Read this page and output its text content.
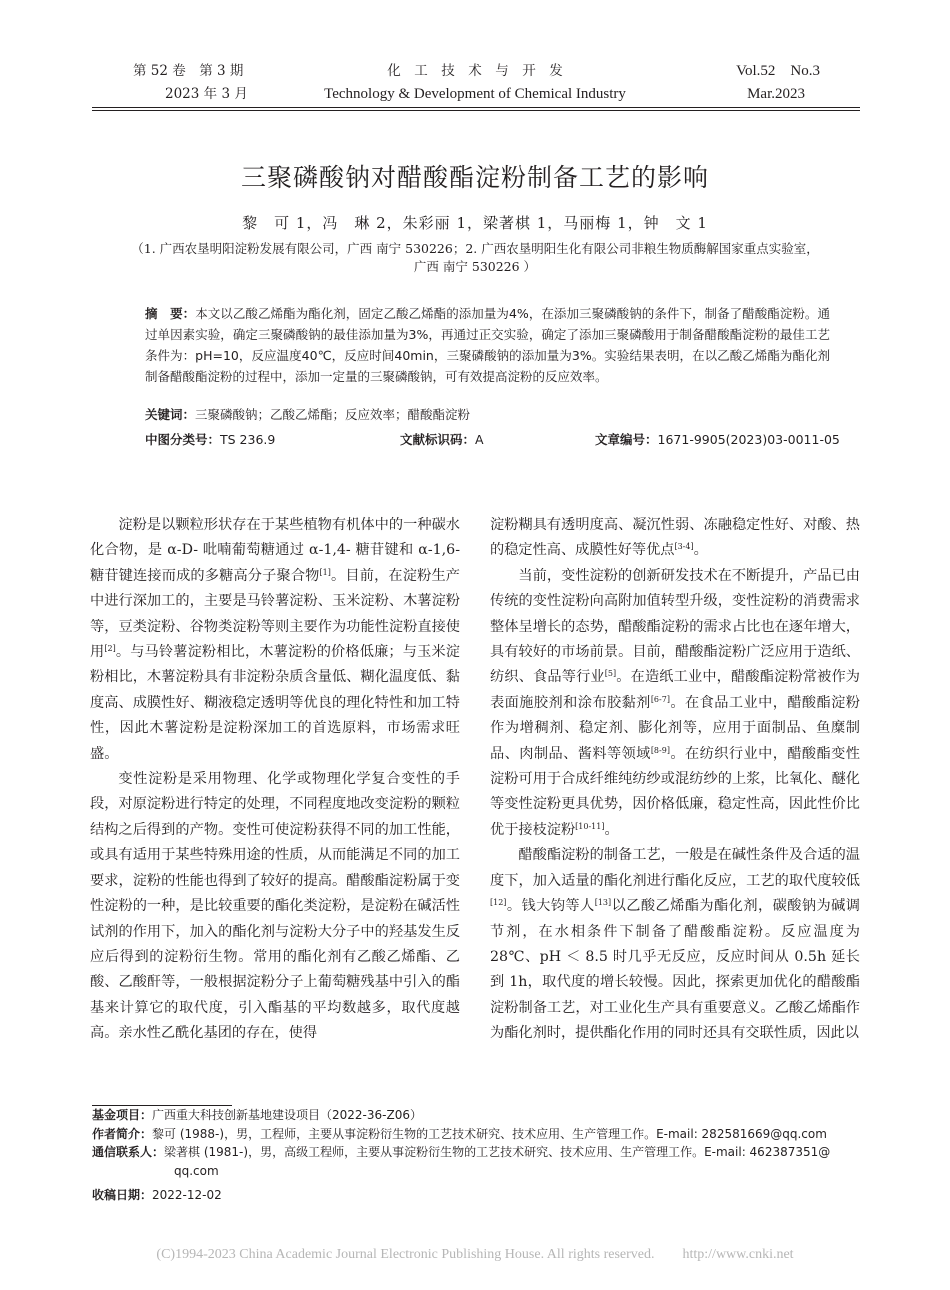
第 52 卷　第 3 期
2023 年 3 月
化　工　技　术　与　开　发
Technology & Development of Chemical Industry
Vol.52　No.3
Mar.2023
三聚磷酸钠对醋酸酯淀粉制备工艺的影响
黎　可 1，冯　琳 2，朱彩丽 1，梁著棋 1，马丽梅 1，钟　文 1
（1. 广西农垦明阳淀粉发展有限公司，广西 南宁 530226；2. 广西农垦明阳生化有限公司非粮生物质酶解国家重点实验室，
广西 南宁 530226 ）
摘　要：本文以乙酸乙烯酯为酯化剂，固定乙酸乙烯酯的添加量为4%，在添加三聚磷酸钠的条件下，制备了醋酸酯淀粉。通过单因素实验，确定三聚磷酸钠的最佳添加量为3%，再通过正交实验，确定了添加三聚磷酸用于制备醋酸酯淀粉的最佳工艺条件为：pH=10，反应温度40℃，反应时间40min，三聚磷酸钠的添加量为3%。实验结果表明，在以乙酸乙烯酯为酯化剂制备醋酸酯淀粉的过程中，添加一定量的三聚磷酸钠，可有效提高淀粉的反应效率。
关键词：三聚磷酸钠；乙酸乙烯酯；反应效率；醋酸酯淀粉
中图分类号：TS 236.9	文献标识码：A	文章编号：1671-9905(2023)03-0011-05

淀粉是以颗粒形状存在于某些植物有机体中的一种碳水化合物，是 α-D- 吡喃葡萄糖通过 α-1,4- 糖苷键和 α-1,6- 糖苷键连接而成的多糖高分子聚合物[1]。目前，在淀粉生产中进行深加工的，主要是马铃薯淀粉、玉米淀粉、木薯淀粉等，豆类淀粉、谷物类淀粉等则主要作为功能性淀粉直接使用[2]。与马铃薯淀粉相比，木薯淀粉的价格低廉；与玉米淀粉相比，木薯淀粉具有非淀粉杂质含量低、糊化温度低、黏度高、成膜性好、糊液稳定透明等优良的理化特性和加工特性，因此木薯淀粉是淀粉深加工的首选原料，市场需求旺盛。

变性淀粉是采用物理、化学或物理化学复合变性的手段，对原淀粉进行特定的处理，不同程度地改变淀粉的颗粒结构之后得到的产物。变性可使淀粉获得不同的加工性能，或具有适用于某些特殊用途的性质，从而能满足不同的加工要求，淀粉的性能也得到了较好的提高。醋酸酯淀粉属于变性淀粉的一种，是比较重要的酯化类淀粉，是淀粉在碱活性试剂的作用下，加入的酯化剂与淀粉大分子中的羟基发生反应后得到的淀粉衍生物。常用的酯化剂有乙酸乙烯酯、乙酸、乙酸酐等，一般根据淀粉分子上葡萄糖残基中引入的酯基来计算它的取代度，引入酯基的平均数越多，取代度越高。亲水性乙酰化基团的存在，使得

淀粉糊具有透明度高、凝沉性弱、冻融稳定性好、对酸、热的稳定性高、成膜性好等优点[3-4]。

当前，变性淀粉的创新研发技术在不断提升，产品已由传统的变性淀粉向高附加值转型升级，变性淀粉的消费需求整体呈增长的态势，醋酸酯淀粉的需求占比也在逐年增大，具有较好的市场前景。目前，醋酸酯淀粉广泛应用于造纸、纺织、食品等行业[5]。在造纸工业中，醋酸酯淀粉常被作为表面施胶剂和涂布胶黏剂[6-7]。在食品工业中，醋酸酯淀粉作为增稠剂、稳定剂、膨化剂等，应用于面制品、鱼糜制品、肉制品、酱料等领域[8-9]。在纺织行业中，醋酸酯变性淀粉可用于合成纤维纯纺纱或混纺纱的上浆，比氧化、醚化等变性淀粉更具优势，因价格低廉，稳定性高，因此性价比优于接枝淀粉[10-11]。

醋酸酯淀粉的制备工艺，一般是在碱性条件及合适的温度下，加入适量的酯化剂进行酯化反应，工艺的取代度较低[12]。钱大钧等人[13]以乙酸乙烯酯为酯化剂，碳酸钠为碱调节剂，在水相条件下制备了醋酸酯淀粉。反应温度为 28℃、pH ＜ 8.5 时几乎无反应，反应时间从 0.5h 延长到 1h，取代度的增长较慢。因此，探索更加优化的醋酸酯淀粉制备工艺，对工业化生产具有重要意义。乙酸乙烯酯作为酯化剂时，提供酯化作用的同时还具有交联性质，因此以

基金项目：广西重大科技创新基地建设项目（2022-36-Z06）
作者简介：黎可 (1988-)，男，工程师，主要从事淀粉衍生物的工艺技术研究、技术应用、生产管理工作。E-mail: 282581669@qq.com
通信联系人：梁著棋 (1981-)，男，高级工程师，主要从事淀粉衍生物的工艺技术研究、技术应用、生产管理工作。E-mail: 462387351@
qq.com
收稿日期：2022-12-02
(C)1994-2023 China Academic Journal Electronic Publishing House. All rights reserved.　　http://www.cnki.net
